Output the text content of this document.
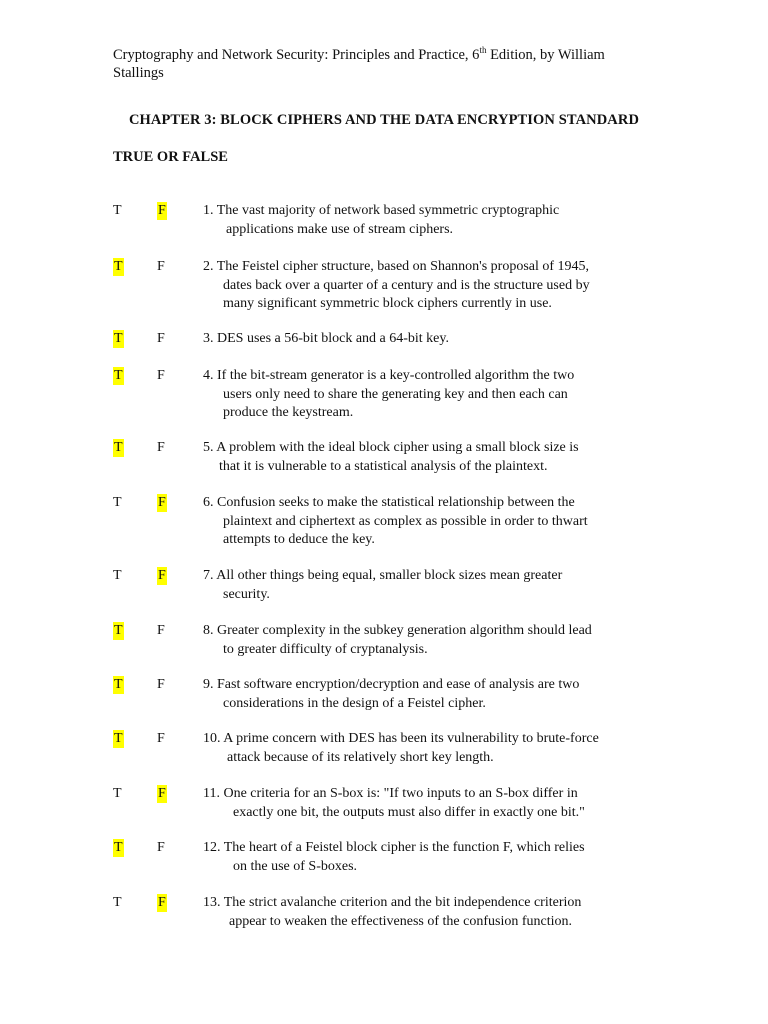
Cryptography and Network Security: Principles and Practice, 6th Edition, by William
Stallings
CHAPTER 3: BLOCK CIPHERS AND THE DATA ENCRYPTION STANDARD
TRUE OR FALSE
T	F	1. The vast majority of network based symmetric cryptographic
applications make use of stream ciphers.
T F	2. The Feistel cipher structure, based on Shannon's proposal of 1945,
dates back over a quarter of a century and is the structure used by
many significant symmetric block ciphers currently in use.
T F	3. DES uses a 56-bit block and a 64-bit key.
T F	4. If the bit-stream generator is a key-controlled algorithm the two
users only need to share the generating key and then each can
produce the keystream.
T F	5. A problem with the ideal block cipher using a small block size is
that it is vulnerable to a statistical analysis of the plaintext.
T	F	6. Confusion seeks to make the statistical relationship between the
plaintext and ciphertext as complex as possible in order to thwart
attempts to deduce the key.
T	F	7. All other things being equal, smaller block sizes mean greater
security.
T F	8. Greater complexity in the subkey generation algorithm should lead
to greater difficulty of cryptanalysis.
T F	9. Fast software encryption/decryption and ease of analysis are two
considerations in the design of a Feistel cipher.
T F	10. A prime concern with DES has been its vulnerability to brute-force
attack because of its relatively short key length.
T	F	11. One criteria for an S-box is: "If two inputs to an S-box differ in
exactly one bit, the outputs must also differ in exactly one bit."
T F	12. The heart of a Feistel block cipher is the function F, which relies
on the use of S-boxes.
T	F	13. The strict avalanche criterion and the bit independence criterion
appear to weaken the effectiveness of the confusion function.
